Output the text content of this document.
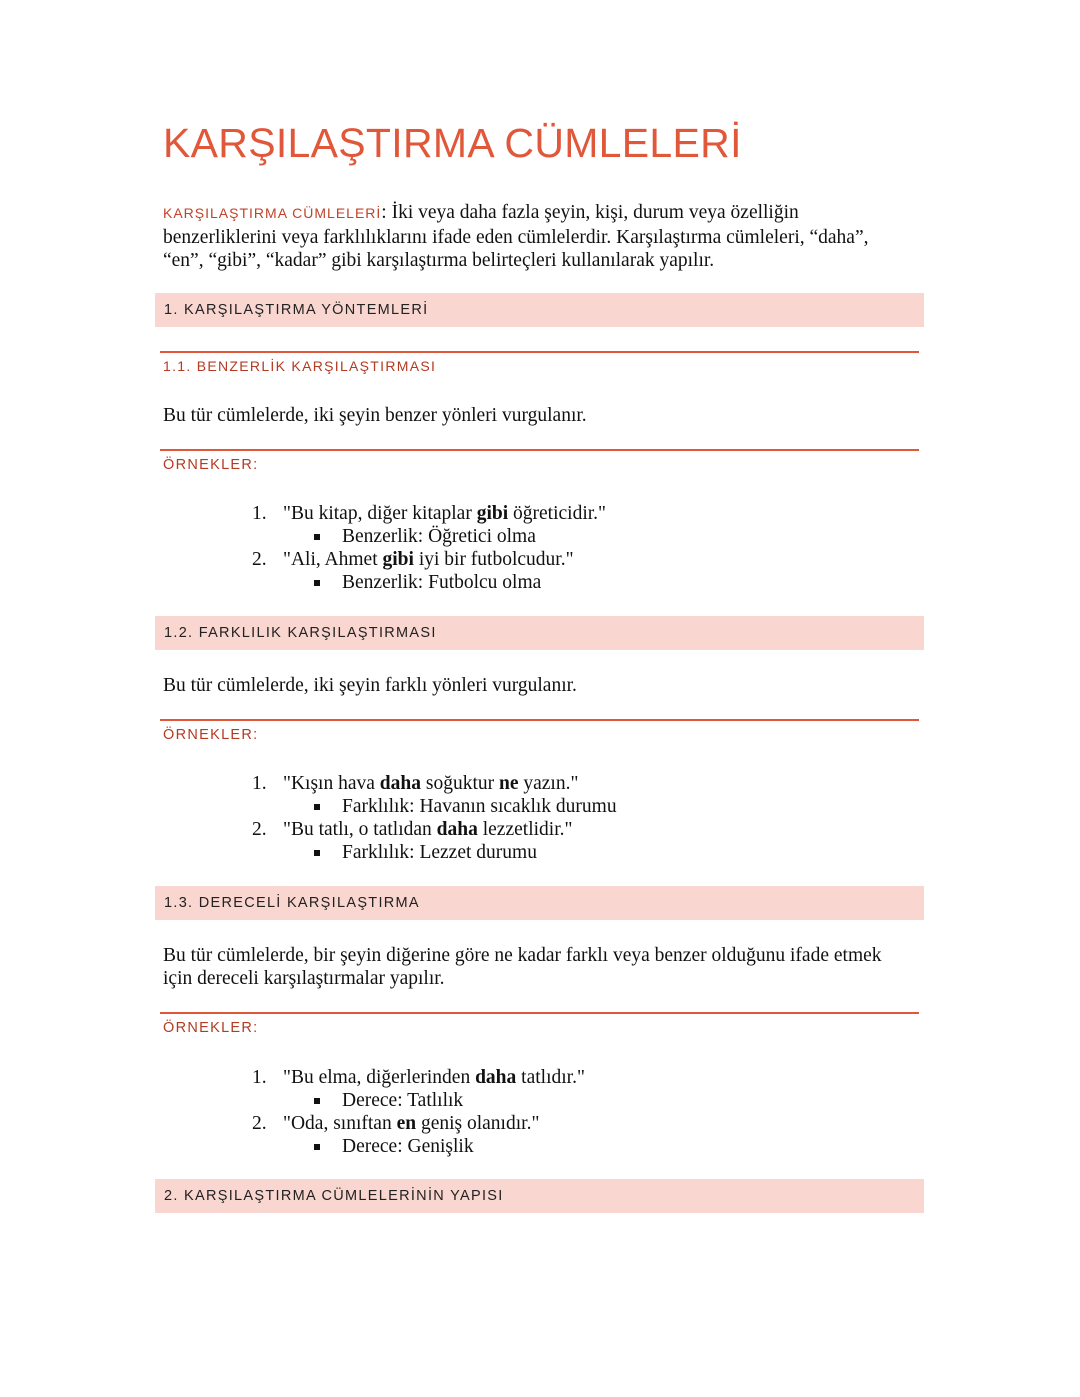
KARŞILAŞTIRMA CÜMLELERİ

KARŞILAŞTIRMA CÜMLELERİ: İki veya daha fazla şeyin, kişi, durum veya özelliğin benzerliklerini veya farklılıklarını ifade eden cümlelerdir. Karşılaştırma cümleleri, “daha”, “en”, “gibi”, “kadar” gibi karşılaştırma belirteçleri kullanılarak yapılır.

1. KARŞILAŞTIRMA YÖNTEMLERİ
1.1. BENZERLİK KARŞILAŞTIRMASI

Bu tür cümlelerde, iki şeyin benzer yönleri vurgulanır.

ÖRNEKLER:
1. "Bu kitap, diğer kitaplar gibi öğreticidir."
Benzerlik: Öğretici olma
2. "Ali, Ahmet gibi iyi bir futbolcudur."
Benzerlik: Futbolcu olma
1.2. FARKLILIK KARŞILAŞTIRMASI

Bu tür cümlelerde, iki şeyin farklı yönleri vurgulanır.

ÖRNEKLER:
1. "Kışın hava daha soğuktur ne yazın."
Farklılık: Havanın sıcaklık durumu
2. "Bu tatlı, o tatlıdan daha lezzetlidir."
Farklılık: Lezzet durumu
1.3. DERECELİ KARŞILAŞTIRMA

Bu tür cümlelerde, bir şeyin diğerine göre ne kadar farklı veya benzer olduğunu ifade etmek için dereceli karşılaştırmalar yapılır.

ÖRNEKLER:
1. "Bu elma, diğerlerinden daha tatlıdır."
Derece: Tatlılık
2. "Oda, sınıftan en geniş olanıdır."
Derece: Genişlik
2. KARŞILAŞTIRMA CÜMLELERİNİN YAPISI
